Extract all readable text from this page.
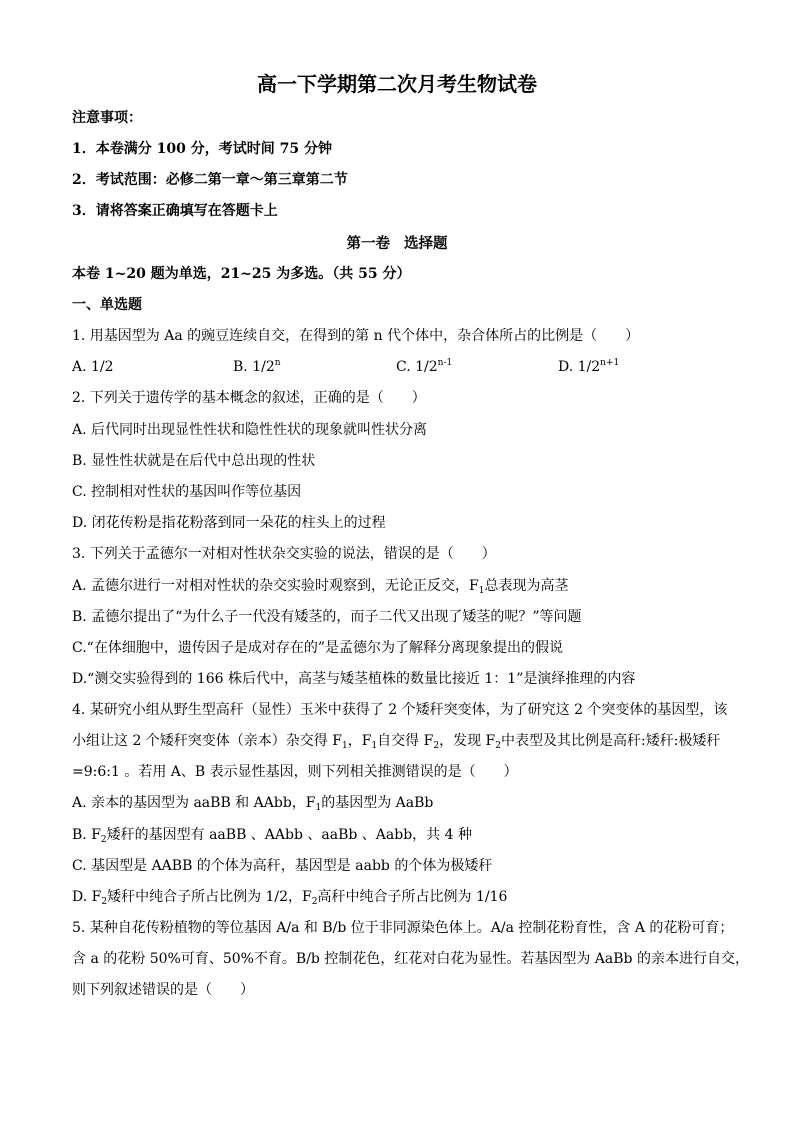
高一下学期第二次月考生物试卷
注意事项：
1．本卷满分 100 分，考试时间 75 分钟
2．考试范围：必修二第一章～第三章第二节
3．请将答案正确填写在答题卡上
第一卷 选择题
本卷 1~20 题为单选，21~25 为多选。（共 55 分）
一、单选题
1. 用基因型为 Aa 的豌豆连续自交，在得到的第 n 代个体中，杂合体所占的比例是（　　）
A. 1/2	B. 1/2$^n$	C. 1/2$^{n-1}$	D. $1/2^{n+1}$
2. 下列关于遗传学的基本概念的叙述，正确的是（　　）
A. 后代同时出现显性性状和隐性性状的现象就叫性状分离
B. 显性性状就是在后代中总出现的性状
C. 控制相对性状的基因叫作等位基因
D. 闭花传粉是指花粉落到同一朵花的柱头上的过程
3. 下列关于孟德尔一对相对性状杂交实验的说法，错误的是（　　）
A. 孟德尔进行一对相对性状的杂交实验时观察到，无论正反交，$F_1$总表现为高茎
B. 孟德尔提出了“为什么子一代没有矮茎的，而子二代又出现了矮茎的呢？”等问题
C.“在体细胞中，遗传因子是成对存在的”是孟德尔为了解释分离现象提出的假说
D.“测交实验得到的 166 株后代中，高茎与矮茎植株的数量比接近 1：1”是演绎推理的内容
4. 某研究小组从野生型高秆（显性）玉米中获得了 2 个矮秆突变体，为了研究这 2 个突变体的基因型，该
小组让这 2 个矮秆突变体（亲本）杂交得 $F_1$，$F_1$自交得 $F_2$，发现 $F_2$中表型及其比例是高秆:矮秆:极矮秆
=9:6:1 。若用 A、B 表示显性基因，则下列相关推测错误的是（　　）
A. 亲本的基因型为 aaBB 和 AAbb，$F_1$的基因型为 AaBb
B. $F_2$矮秆的基因型有 aaBB 、AAbb 、aaBb 、Aabb，共 4 种
C. 基因型是 AABB 的个体为高秆，基因型是 aabb 的个体为极矮秆
D. $F_2$矮秆中纯合子所占比例为 1/2，$F_2$高秆中纯合子所占比例为 1/16
5. 某种自花传粉植物的等位基因 A/a 和 B/b 位于非同源染色体上。A/a 控制花粉育性，含 A 的花粉可育；
含 a 的花粉 50%可育、50%不育。B/b 控制花色，红花对白花为显性。若基因型为 AaBb 的亲本进行自交，
则下列叙述错误的是（　　）
